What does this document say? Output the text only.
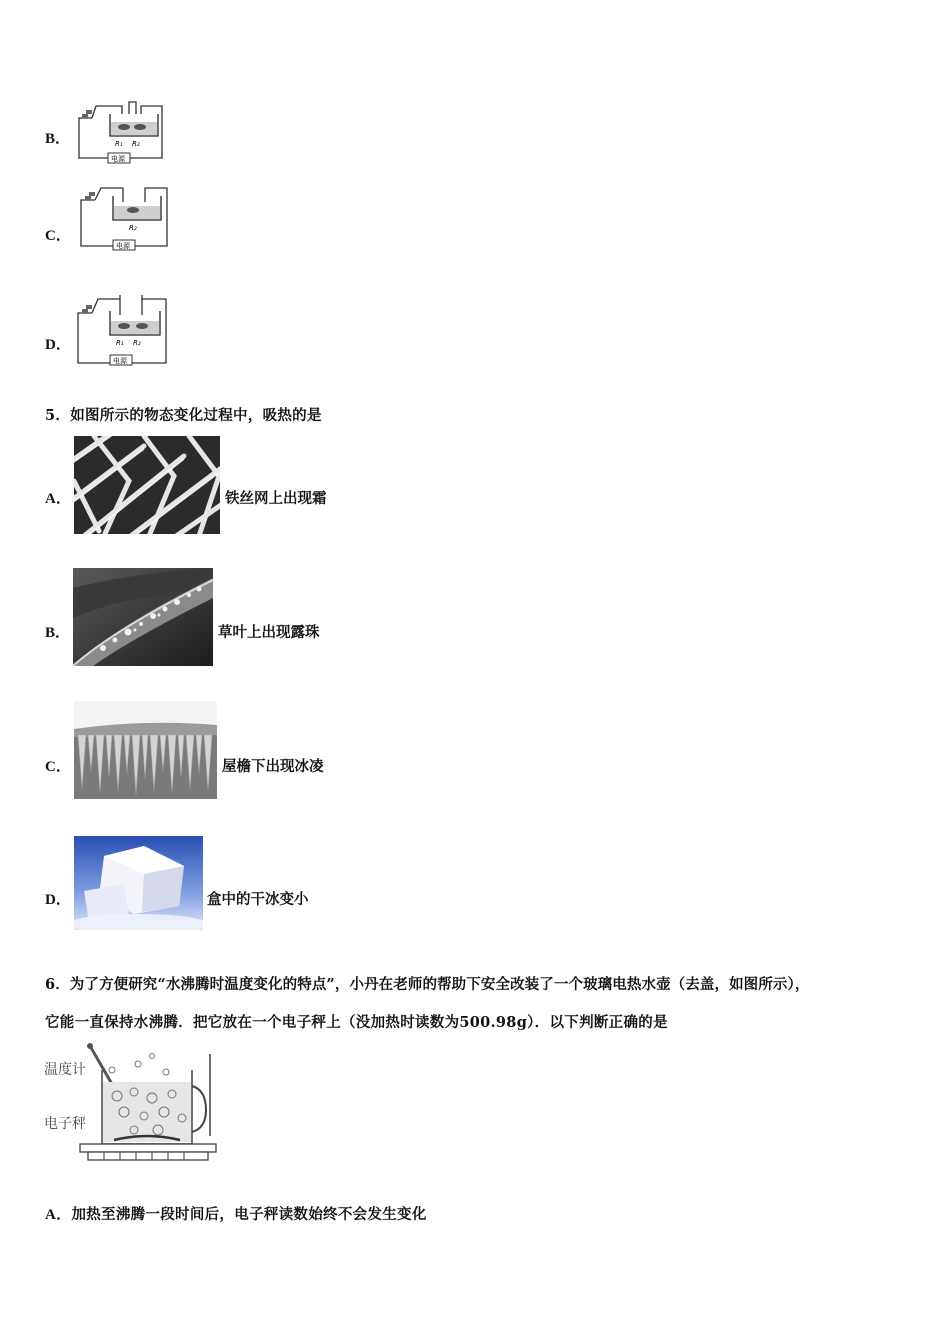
B．	R₁ R₂
电源
C．	R₂
电源
D．	R₁ R₂
电源
5．如图所示的物态变化过程中，吸热的是
A．	铁丝网上出现霜
B．	草叶上出现露珠
C．	屋檐下出现冰凌
D．	盒中的干冰变小
6．为了方便研究“水沸腾时温度变化的特点”，小丹在老师的帮助下安全改装了一个玻璃电热水壶（去盖，如图所示），
它能一直保持水沸腾．把它放在一个电子秤上（没加热时读数为500.98g）．以下判断正确的是
温度计
电子秤
A．加热至沸腾一段时间后，电子秤读数始终不会发生变化
